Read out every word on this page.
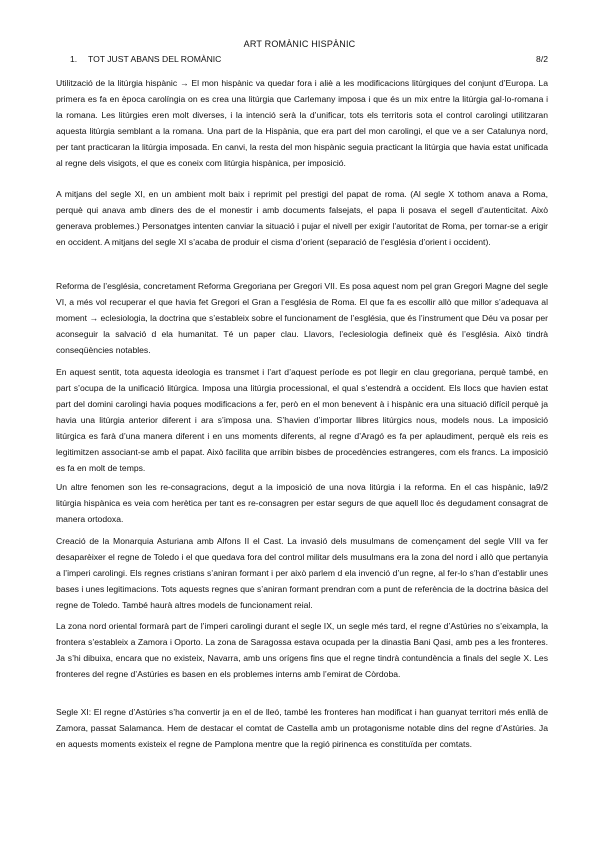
ART ROMÀNIC HISPÀNIC
1. TOT JUST ABANS DEL ROMÀNIC	8/2

Utilització de la litúrgia hispànic → El mon hispànic va quedar fora i aliè a les modificacions litúrgiques del conjunt d’Europa. La primera es fa en època carolíngia on es crea una litúrgia que Carlemany imposa i que és un mix entre la litúrgia gal·lo-romana i la romana. Les litúrgies eren molt diverses, i la intenció serà la d’unificar, tots els territoris sota el control carolingi utilitzaran aquesta litúrgia semblant a la romana. Una part de la Hispània, que era part del mon carolingi, el que ve a ser Catalunya nord, per tant practicaran la litúrgia imposada. En canvi, la resta del mon hispànic seguia practicant la litúrgia que havia estat unificada al regne dels visigots, el que es coneix com litúrgia hispànica, per imposició.

A mitjans del segle XI, en un ambient molt baix i reprimit pel prestigi del papat de roma. (Al segle X tothom anava a Roma, perquè qui anava amb diners des de el monestir i amb documents falsejats, el papa li posava el segell d’autenticitat. Això generava problemes.) Personatges intenten canviar la situació i pujar el nivell per exigir l’autoritat de Roma, per tornar-se a erigir en occident. A mitjans del segle XI s’acaba de produir el cisma d’orient (separació de l’església d’orient i occident).

Reforma de l’església, concretament Reforma Gregoriana per Gregori VII. Es posa aquest nom pel gran Gregori Magne del segle VI, a més vol recuperar el que havia fet Gregori el Gran a l’església de Roma. El que fa es escollir allò que millor s’adequava al moment → eclesiologia, la doctrina que s’estableix sobre el funcionament de l’església, que és l’instrument que Déu va posar per aconseguir la salvació d ela humanitat. Té un paper clau. Llavors, l’eclesiologia defineix què és l’església. Això tindrà conseqüències notables.

En aquest sentit, tota aquesta ideologia es transmet i l’art d’aquest període es pot llegir en clau gregoriana, perquè també, en part s’ocupa de la unificació litúrgica. Imposa una litúrgia processional, el qual s’estendrà a occident. Els llocs que havien estat part del domini carolingi havia poques modificacions a fer, però en el mon benevent à i hispànic era una situació difícil perquè ja havia una litúrgia anterior diferent i ara s’imposa una. S’havien d’importar llibres litúrgics nous, models nous. La imposició litúrgica es farà d’una manera diferent i en uns moments diferents, al regne d’Aragó es fa per aplaudiment, perquè els reis es legitimitzen associant-se amb el papat. Això facilita que arribin bisbes de procedències estrangeres, com els francs. La imposició es fa en molt de temps.

9/2
Un altre fenomen son les re-consagracions, degut a la imposició de una nova litúrgia i la reforma. En el cas hispànic, la litúrgia hispànica es veia com herètica per tant es re-consagren per estar segurs de que aquell lloc és degudament consagrat de manera ortodoxa.

Creació de la Monarquia Asturiana amb Alfons II el Cast. La invasió dels musulmans de començament del segle VIII va fer desaparèixer el regne de Toledo i el que quedava fora del control militar dels musulmans era la zona del nord i allò que pertanyia a l’imperi carolingi. Els regnes cristians s’aniran formant i per això parlem d ela invenció d’un regne, al fer-lo s’han d’establir unes bases i unes legitimacions. Tots aquests regnes que s’aniran formant prendran com a punt de referència de la doctrina bàsica del regne de Toledo. També haurà altres models de funcionament reial.

La zona nord oriental formarà part de l’imperi carolingi durant el segle IX, un segle més tard, el regne d’Astúries no s’eixampla, la frontera s’estableix a Zamora i Oporto. La zona de Saragossa estava ocupada per la dinastia Bani Qasi, amb pes a les fronteres. Ja s’hi dibuixa, encara que no existeix, Navarra, amb uns orígens fins que el regne tindrà contundència a finals del segle X. Les fronteres del regne d’Astúries es basen en els problemes interns amb l’emirat de Còrdoba.

Segle XI: El regne d’Astúries s’ha convertir ja en el de lleó, també les fronteres han modificat i han guanyat territori més enllà de Zamora, passat Salamanca. Hem de destacar el comtat de Castella amb un protagonisme notable dins del regne d’Astúries. Ja en aquests moments existeix el regne de Pamplona mentre que la regió pirinenca es constituïda per comtats.
